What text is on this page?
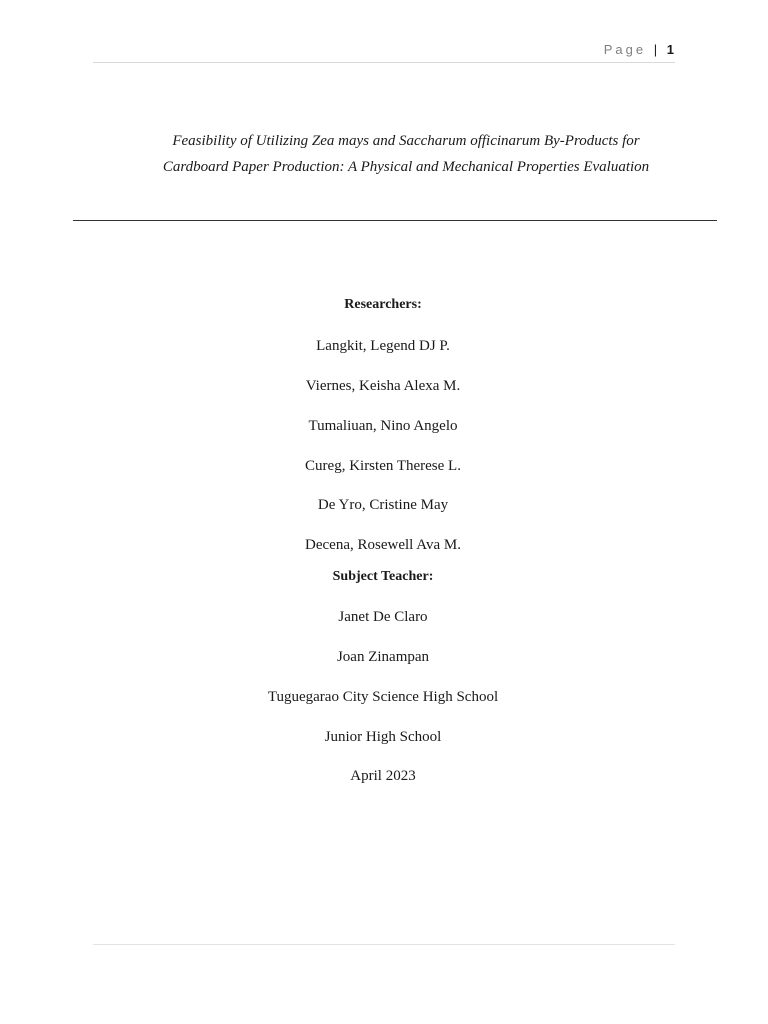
Page | 1
Feasibility of Utilizing Zea mays and Saccharum officinarum By-Products for
Cardboard Paper Production: A Physical and Mechanical Properties Evaluation
Researchers:
Langkit, Legend DJ P.
Viernes, Keisha Alexa M.
Tumaliuan, Nino Angelo
Cureg, Kirsten Therese L.
De Yro, Cristine May
Decena, Rosewell Ava M.
Subject Teacher:
Janet De Claro
Joan Zinampan
Tuguegarao City Science High School
Junior High School
April 2023
